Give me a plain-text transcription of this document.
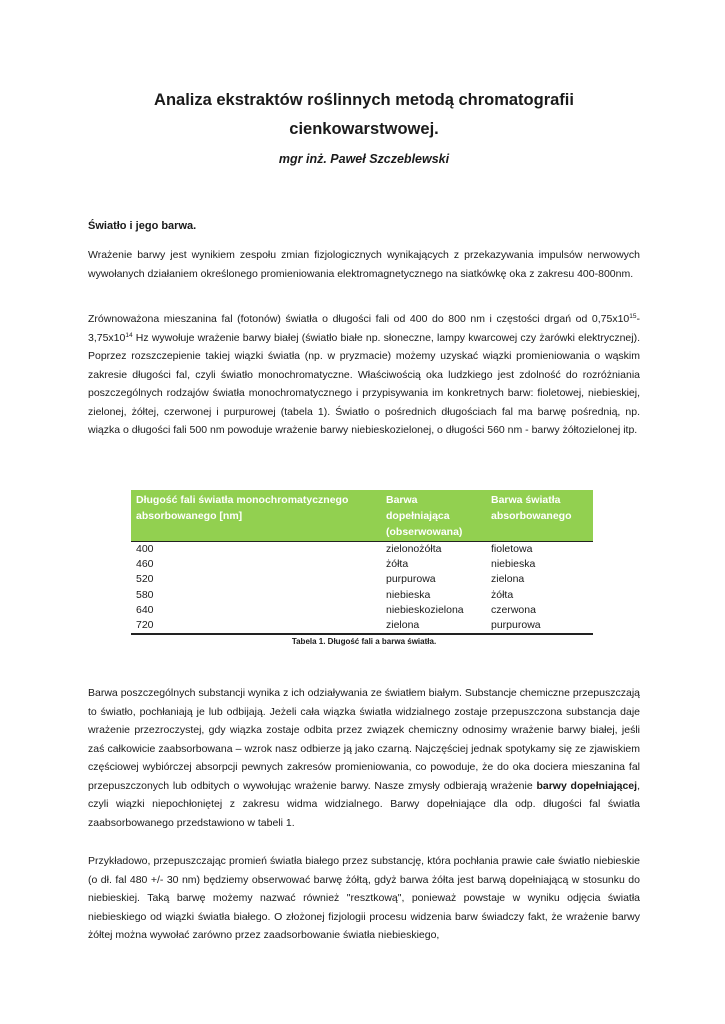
Analiza ekstraktów roślinnych metodą chromatografii
cienkowarstwowej.
mgr inż. Paweł Szczeblewski
Światło i jego barwa.

Wrażenie barwy jest wynikiem zespołu zmian fizjologicznych wynikających z przekazywania impulsów nerwowych wywołanych działaniem określonego promieniowania elektromagnetycznego na siatkówkę oka z zakresu 400-800nm.

Zrównoważona mieszanina fal (fotonów) światła o długości fali od 400 do 800 nm i częstości drgań od $0,75x10^{15}-3,75x10^{14}$ Hz wywołuje wrażenie barwy białej (światło białe np. słoneczne, lampy kwarcowej czy żarówki elektrycznej). Poprzez rozszczepienie takiej wiązki światła (np. w pryzmacie) możemy uzyskać wiązki promieniowania o wąskim zakresie długości fal, czyli światło monochromatyczne. Właściwością oka ludzkiego jest zdolność do rozróżniania poszczególnych rodzajów światła monochromatycznego i przypisywania im konkretnych barw: fioletowej, niebieskiej, zielonej, żółtej, czerwonej i purpurowej (tabela 1). Światło o pośrednich długościach fal ma barwę pośrednią, np. wiązka o długości fali 500 nm powoduje wrażenie barwy niebieskozielonej, o długości 560 nm - barwy żółtozielonej itp.

Długość fali światła monochromatycznego absorbowanego [nm]	Barwa dopełniająca (obserwowana)	Barwa światła absorbowanego
400	zielonożółta	fioletowa
460	żółta	niebieska
520	purpurowa	zielona
580	niebieska	żółta
640	niebieskozielona	czerwona
720	zielona	purpurowa
Tabela 1. Długość fali a barwa światła.

Barwa poszczególnych substancji wynika z ich odziaływania ze światłem białym. Substancje chemiczne przepuszczają to światło, pochłaniają je lub odbijają. Jeżeli cała wiązka światła widzialnego zostaje przepuszczona substancja daje wrażenie przezroczystej, gdy wiązka zostaje odbita przez związek chemiczny odnosimy wrażenie barwy białej, jeśli zaś całkowicie zaabsorbowana – wzrok nasz odbierze ją jako czarną. Najczęściej jednak spotykamy się ze zjawiskiem częściowej wybiórczej absorpcji pewnych zakresów promieniowania, co powoduje, że do oka dociera mieszanina fal przepuszczonych lub odbitych o wywołując wrażenie barwy. Nasze zmysły odbierają wrażenie barwy dopełniającej, czyli wiązki niepochłoniętej z zakresu widma widzialnego. Barwy dopełniające dla odp. długości fal światła zaabsorbowanego przedstawiono w tabeli 1.

Przykładowo, przepuszczając promień światła białego przez substancję, która pochłania prawie całe światło niebieskie (o dł. fal 480 +/- 30 nm) będziemy obserwować barwę żółtą, gdyż barwa żółta jest barwą dopełniającą w stosunku do niebieskiej. Taką barwę możemy nazwać również "resztkową", ponieważ powstaje w wyniku odjęcia światła niebieskiego od wiązki światła białego. O złożonej fizjologii procesu widzenia barw świadczy fakt, że wrażenie barwy żółtej można wywołać zarówno przez zaadsorbowanie światła niebieskiego,
